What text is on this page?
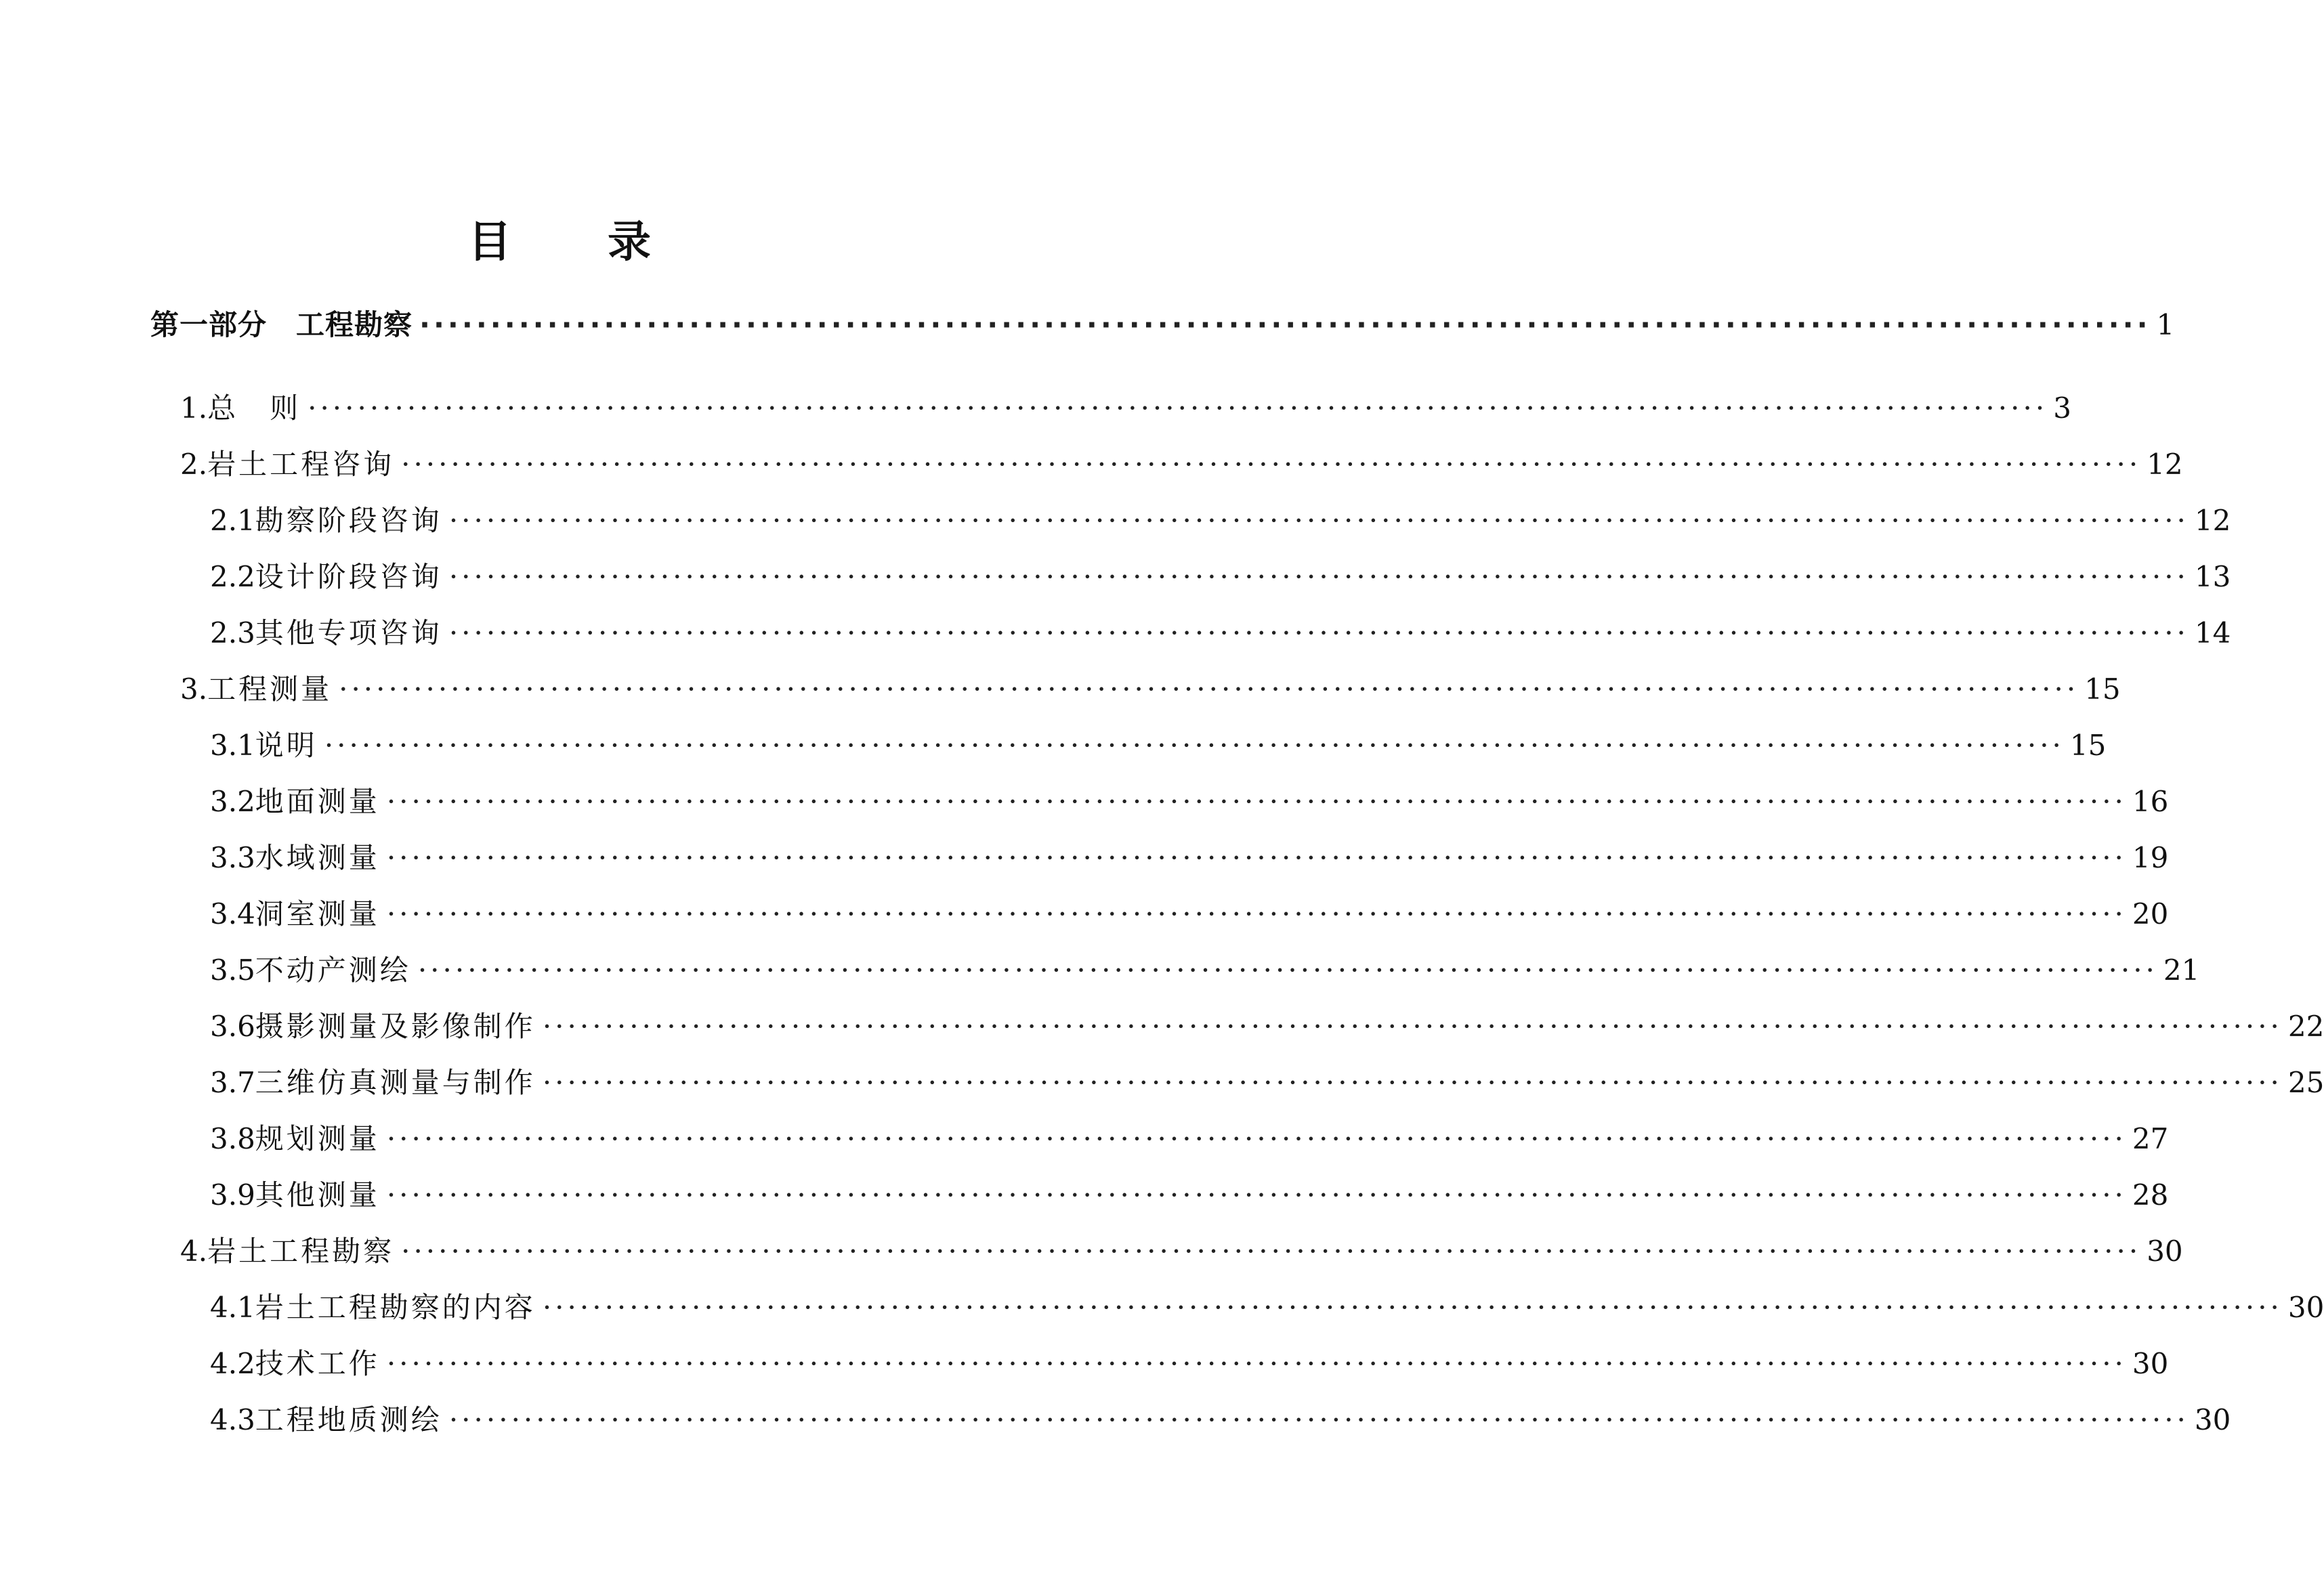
目 录
第一部分　工程勘察 ·························································································································· 1
1. 总　则 ············································································································································ 3
2. 岩土工程咨询 ············································································································································ 12
2.1 勘察阶段咨询 ············································································································································ 12
2.2 设计阶段咨询 ············································································································································ 13
2.3 其他专项咨询 ············································································································································ 14
3. 工程测量 ············································································································································ 15
3.1 说明 ············································································································································ 15
3.2 地面测量 ············································································································································ 16
3.3 水域测量 ············································································································································ 19
3.4 洞室测量 ············································································································································ 20
3.5 不动产测绘 ············································································································································ 21
3.6 摄影测量及影像制作 ············································································································································ 22
3.7 三维仿真测量与制作 ············································································································································ 25
3.8 规划测量 ············································································································································ 27
3.9 其他测量 ············································································································································ 28
4. 岩土工程勘察 ············································································································································ 30
4.1 岩土工程勘察的内容 ············································································································································ 30
4.2 技术工作 ············································································································································ 30
4.3 工程地质测绘 ············································································································································ 30
